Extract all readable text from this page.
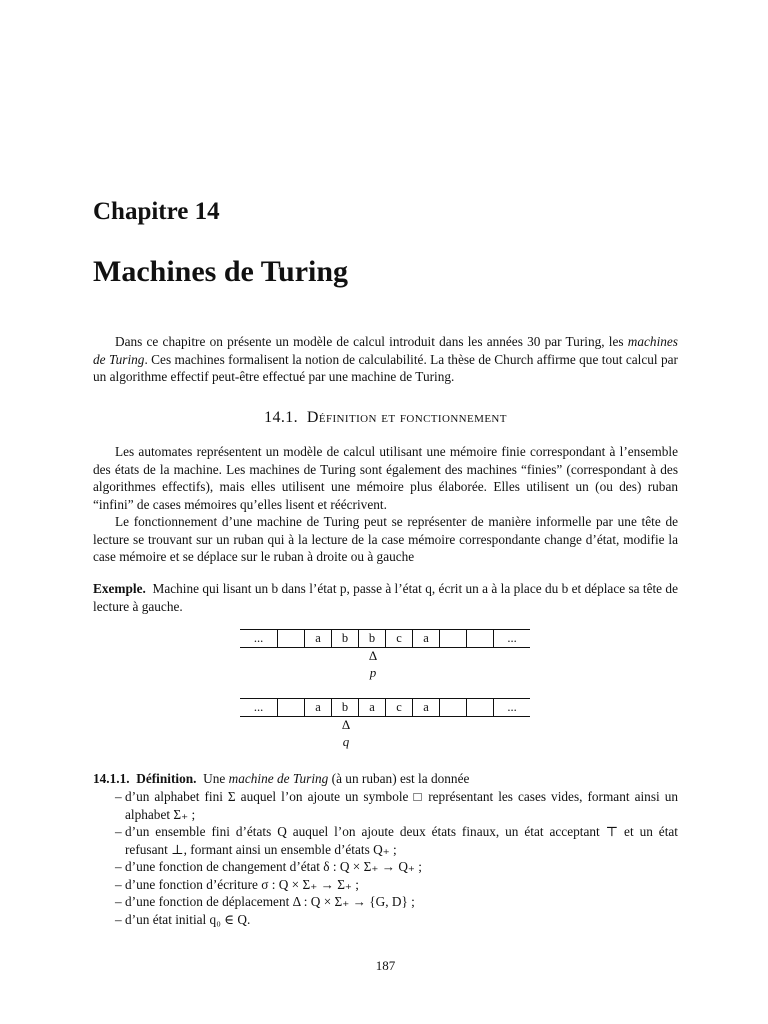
Chapitre 14
Machines de Turing

Dans ce chapitre on présente un modèle de calcul introduit dans les années 30 par Turing, les machines de Turing. Ces machines formalisent la notion de calculabilité. La thèse de Church affirme que tout calcul par un algorithme effectif peut-être effectué par une machine de Turing.

14.1. Définition et fonctionnement

Les automates représentent un modèle de calcul utilisant une mémoire finie correspondant à l’ensemble des états de la machine. Les machines de Turing sont également des machines “finies” (correspondant à des algorithmes effectifs), mais elles utilisent une mémoire plus élaborée. Elles utilisent un (ou des) ruban “infini” de cases mémoires qu’elles lisent et réécrivent.

Le fonctionnement d’une machine de Turing peut se représenter de manière informelle par une tête de lecture se trouvant sur un ruban qui à la lecture de la case mémoire correspondante change d’état, modifie la case mémoire et se déplace sur le ruban à droite ou à gauche

Exemple. Machine qui lisant un b dans l’état p, passe à l’état q, écrit un a à la place du b et déplace sa tête de lecture à gauche.

...	a	b	b	c	a	...
Δ
p
...	a	b	a	c	a	...
Δ
q

14.1.1. Définition. Une machine de Turing (à un ruban) est la donnée

– d’un alphabet fini Σ auquel l’on ajoute un symbole □ représentant les cases vides, formant ainsi un alphabet Σ₊ ;
– d’un ensemble fini d’états Q auquel l’on ajoute deux états finaux, un état acceptant ⊤ et un état refusant ⊥, formant ainsi un ensemble d’états Q₊ ;
– d’une fonction de changement d’état δ : Q × Σ₊ → Q₊ ;
– d’une fonction d’écriture σ : Q × Σ₊ → Σ₊ ;
– d’une fonction de déplacement Δ : Q × Σ₊ → {G, D} ;
– d’un état initial q₀ ∈ Q.
187
